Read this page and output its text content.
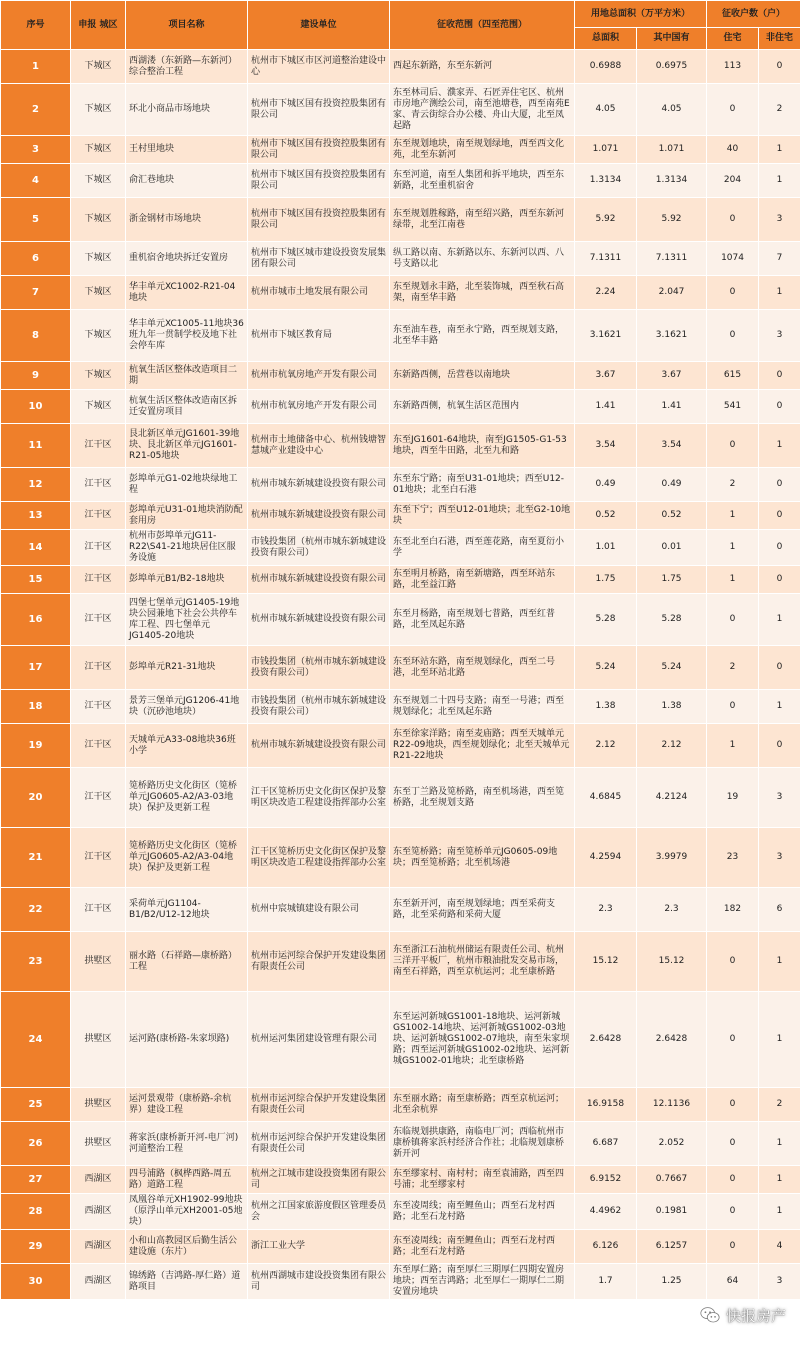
序号	申报 城区	项目名称	建设单位	征收范围（四至范围）	用地总面积（万平方米）		征收户数（户）	
					总面积	其中国有	住宅	非住宅
1	下城区	西湖溇（东新路—东新河）综合整治工程	杭州市下城区市区河道整治建设中心	西起东新路，东至东新河	0.6988	0.6975	113	0
2	下城区	环北小商品市场地块	杭州市下城区国有投资控股集团有限公司	东至林司后、濮家弄、石匠弄住宅区、杭州市房地产测绘公司，南至池塘巷，西至南苑E家、青云街综合办公楼、舟山大厦，北至凤起路	4.05	4.05	0	2
3	下城区	王村里地块	杭州市下城区国有投资控股集团有限公司	东至规划地块，南至规划绿地，西至西文化苑，北至东新河	1.071	1.071	40	1
4	下城区	俞汇巷地块	杭州市下城区国有投资控股集团有限公司	东至河道，南至人集团和拆平地块，西至东新路，北至重机宿舍	1.3134	1.3134	204	1
5	下城区	浙金钢材市场地块	杭州市下城区国有投资控股集团有限公司	东至规划胜稼路，南至绍兴路，西至东新河绿带，北至江南巷	5.92	5.92	0	3
6	下城区	重机宿舍地块拆迁安置房	杭州市下城区城市建设投资发展集团有限公司	纵工路以南、东新路以东、东新河以西、八号支路以北	7.1311	7.1311	1074	7
7	下城区	华丰单元XC1002-R21-04地块	杭州市城市土地发展有限公司	东至规划永丰路，北至装饰城，西至秋石高架，南至华丰路	2.24	2.047	0	1
8	下城区	华丰单元XC1005-11地块36班九年一贯制学校及地下社会停车库	杭州市下城区教育局	东至油车巷，南至永宁路，西至规划支路，北至华丰路	3.1621	3.1621	0	3
9	下城区	杭氧生活区整体改造项目二期	杭州市杭氧房地产开发有限公司	东新路西侧，岳营巷以南地块	3.67	3.67	615	0
10	下城区	杭氧生活区整体改造南区拆迁安置房项目	杭州市杭氧房地产开发有限公司	东新路西侧，杭氧生活区范围内	1.41	1.41	541	0
11	江干区	艮北新区单元JG1601-39地块、艮北新区单元JG1601-R21-05地块	杭州市土地储备中心、杭州钱塘智慧城产业建设中心	东至JG1601-64地块，南至JG1505-G1-53地块，西至牛田路，北至九和路	3.54	3.54	0	1
12	江干区	彭埠单元G1-02地块绿地工程	杭州市城东新城建设投资有限公司	东至东宁路；南至U31-01地块；西至U12-01地块；北至白石港	0.49	0.49	2	0
13	江干区	彭埠单元U31-01地块消防配套用房	杭州市城东新城建设投资有限公司	东至下宁；西至U12-01地块；北至G2-10地块	0.52	0.52	1	0
14	江干区	杭州市彭埠单元JG11-R22\S41-21地块居住区服务设施	市钱投集团（杭州市城东新城建设投资有限公司）	东至北至白石港，西至莲花路，南至夏衍小学	1.01	0.01	1	0
15	江干区	彭埠单元B1/B2-18地块	杭州市城东新城建设投资有限公司	东至明月桥路，南至新塘路，西至环站东路，北至益江路	1.75	1.75	1	0
16	江干区	四堡七堡单元JG1405-19地块公园兼地下社会公共停车库工程、四七堡单元JG1405-20地块	杭州市城东新城建设投资有限公司	东至月杨路，南至规划七普路，西至红普路，北至凤起东路	5.28	5.28	0	1
17	江干区	彭埠单元R21-31地块	市钱投集团（杭州市城东新城建设投资有限公司）	东至环站东路，南至规划绿化，西至二号港，北至环站北路	5.24	5.24	2	0
18	江干区	景芳三堡单元JG1206-41地块（沉砂池地块）	市钱投集团（杭州市城东新城建设投资有限公司）	东至规划二十四号支路；南至一号港；西至规划绿化；北至凤起东路	1.38	1.38	0	1
19	江干区	天城单元A33-08地块36班小学	杭州市城东新城建设投资有限公司	东至徐家洋路；南至麦庙路；西至天城单元R22-09地块，西至规划绿化；北至天城单元R21-22地块	2.12	2.12	1	0
20	江干区	笕桥路历史文化街区（笕桥单元JG0605-A2/A3-03地块）保护及更新工程	江干区笕桥历史文化街区保护及黎明区块改造工程建设指挥部办公室	东至丁兰路及笕桥路，南至机场港，西至笕桥路，北至规划支路	4.6845	4.2124	19	3
21	江干区	笕桥路历史文化街区（笕桥单元JG0605-A2/A3-04地块）保护及更新工程	江干区笕桥历史文化街区保护及黎明区块改造工程建设指挥部办公室	东至笕桥路；南至笕桥单元JG0605-09地块；西至笕桥路；北至机场港	4.2594	3.9979	23	3
22	江干区	采荷单元JG1104-B1/B2/U12-12地块	杭州中宸城镇建设有限公司	东至新开河，南至规划绿地；西至采荷支路，北至采荷路和采荷大厦	2.3	2.3	182	6
23	拱墅区	丽水路（石祥路—康桥路）工程	杭州市运河综合保护开发建设集团有限责任公司	东至浙江石油杭州储运有限责任公司、杭州三洋开平板厂，杭州市粮油批发交易市场，南至石祥路，西至京杭运河；北至康桥路	15.12	15.12	0	1
24	拱墅区	运河路(康桥路-朱家坝路)	杭州运河集团建设管理有限公司	东至运河新城GS1001-18地块、运河新城GS1002-14地块、运河新城GS1002-03地块、运河新城GS1002-07地块，南至朱家坝路；西至运河新城GS1002-02地块、运河新城GS1002-01地块；北至康桥路	2.6428	2.6428	0	1
25	拱墅区	运河景观带（康桥路-余杭界）建设工程	杭州市运河综合保护开发建设集团有限责任公司	东至丽水路；南至康桥路；西至京杭运河；北至余杭界	16.9158	12.1136	0	2
26	拱墅区	蒋家浜(康桥新开河-电厂河)河道整治工程	杭州市运河综合保护开发建设集团有限责任公司	东临规划拱康路，南临电厂河；西临杭州市康桥镇蒋家浜村经济合作社；北临规划康桥新开河	6.687	2.052	0	1
27	西湖区	四号浦路（枫桦西路-周五路）道路工程	杭州之江城市建设投资集团有限公司	东至缪家村、南村村；南至袁浦路，西至四号浦；北至缪家村	6.9152	0.7667	0	1
28	西湖区	凤凰谷单元XH1902-99地块（原浮山单元XH2001-05地块）	杭州之江国家旅游度假区管理委员会	东至凌周线；南至鲤鱼山；西至石龙村西路；北至石龙村路	4.4962	0.1981	0	1
29	西湖区	小和山高教园区后勤生活公建设施（东片）	浙江工业大学	东至凌周线；南至鲤鱼山；西至石龙村西路；北至石龙村路	6.126	6.1257	0	4
30	西湖区	锦绣路（吉鸿路-厚仁路）道路项目	杭州西湖城市建设投资集团有限公司	东至厚仁路；南至厚仁三期厚仁四期安置房地块；西至吉鸿路；北至厚仁一期厚仁二期安置房地块	1.7	1.25	64	3
快报房产
